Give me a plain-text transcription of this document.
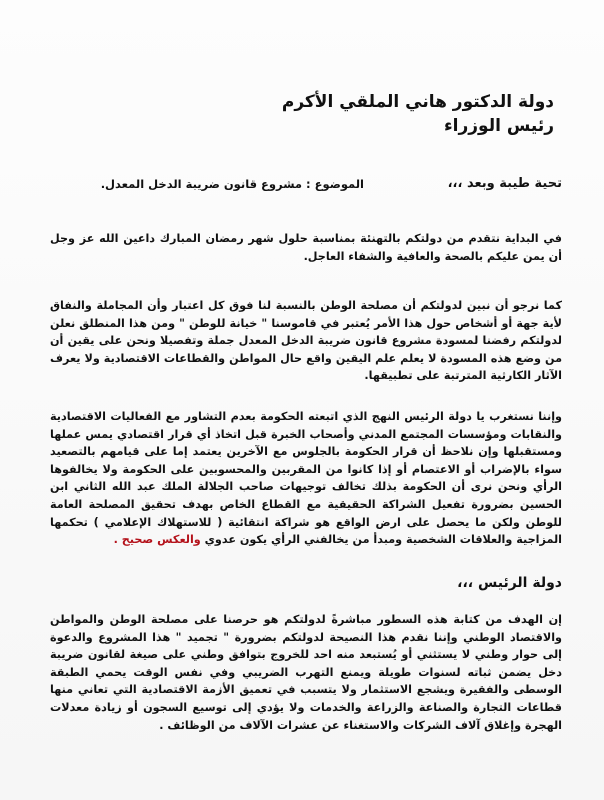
دولة الدكتور هاني الملقي الأكرم
رئيس الوزراء
تحية طيبة وبعد ،،،
الموضوع : مشروع قانون ضريبة الدخل المعدل.
في البداية نتقدم من دولتكم بالتهنئة بمناسبة حلول شهر رمضان المبارك داعين الله عز وجل أن يمن عليكم بالصحة والعافية والشفاء العاجل.
كما نرجو أن نبين لدولتكم أن مصلحة الوطن بالنسبة لنا فوق كل اعتبار وأن المجاملة والنفاق لأية جهة أو أشخاص حول هذا الأمر يُعتبر في قاموسنا " خيانة للوطن " ومن هذا المنطلق نعلن لدولتكم رفضنا لمسودة مشروع قانون ضريبة الدخل المعدل جملة وتفصيلا ونحن على يقين أن من وضع هذه المسودة لا يعلم علم اليقين واقع حال المواطن والقطاعات الاقتصادية ولا يعرف الآثار الكارثية المترتبة على تطبيقها.
وإننا نستغرب يا دولة الرئيس النهج الذي اتبعته الحكومة بعدم التشاور مع الفعاليات الاقتصادية والنقابات ومؤسسات المجتمع المدني وأصحاب الخبرة قبل اتخاذ أي قرار اقتصادي يمس عملها ومستقبلها وإن نلاحظ أن قرار الحكومة بالجلوس مع الآخرين يعتمد إما على قيامهم بالتصعيد سواء بالإضراب أو الاعتصام أو إذا كانوا من المقربين والمحسوبين على الحكومة ولا يخالفوها الرأي ونحن نرى أن الحكومة بذلك تخالف توجيهات صاحب الجلالة الملك عبد الله الثاني ابن الحسين بضرورة تفعيل الشراكة الحقيقية مع القطاع الخاص بهدف تحقيق المصلحة العامة للوطن ولكن ما يحصل على ارض الواقع هو شراكة انتقائية ( للاستهلاك الإعلامي ) تحكمها المزاجية والعلاقات الشخصية ومبدأ من يخالفني الرأي يكون عدوي والعكس صحيح .
دولة الرئيس ،،،
إن الهدف من كتابة هذه السطور مباشرةً لدولتكم هو حرصنا على مصلحة الوطن والمواطن والاقتصاد الوطني وإننا نقدم هذا النصيحة لدولتكم بضرورة " تجميد " هذا المشروع والدعوة إلى حوار وطني لا يستثني أو يُستبعد منه احد للخروج بتوافق وطني على صيغة لقانون ضريبة دخل يضمن ثباته لسنوات طويلة ويمنع التهرب الضريبي وفي نفس الوقت يحمي الطبقة الوسطى والفقيرة ويشجع الاستثمار ولا يتسبب في تعميق الأزمة الاقتصادية التي تعاني منها قطاعات التجارة والصناعة والزراعة والخدمات ولا يؤدي إلى توسيع السجون أو زيادة معدلات الهجرة وإغلاق آلاف الشركات والاستغناء عن عشرات الآلاف من الوظائف .
